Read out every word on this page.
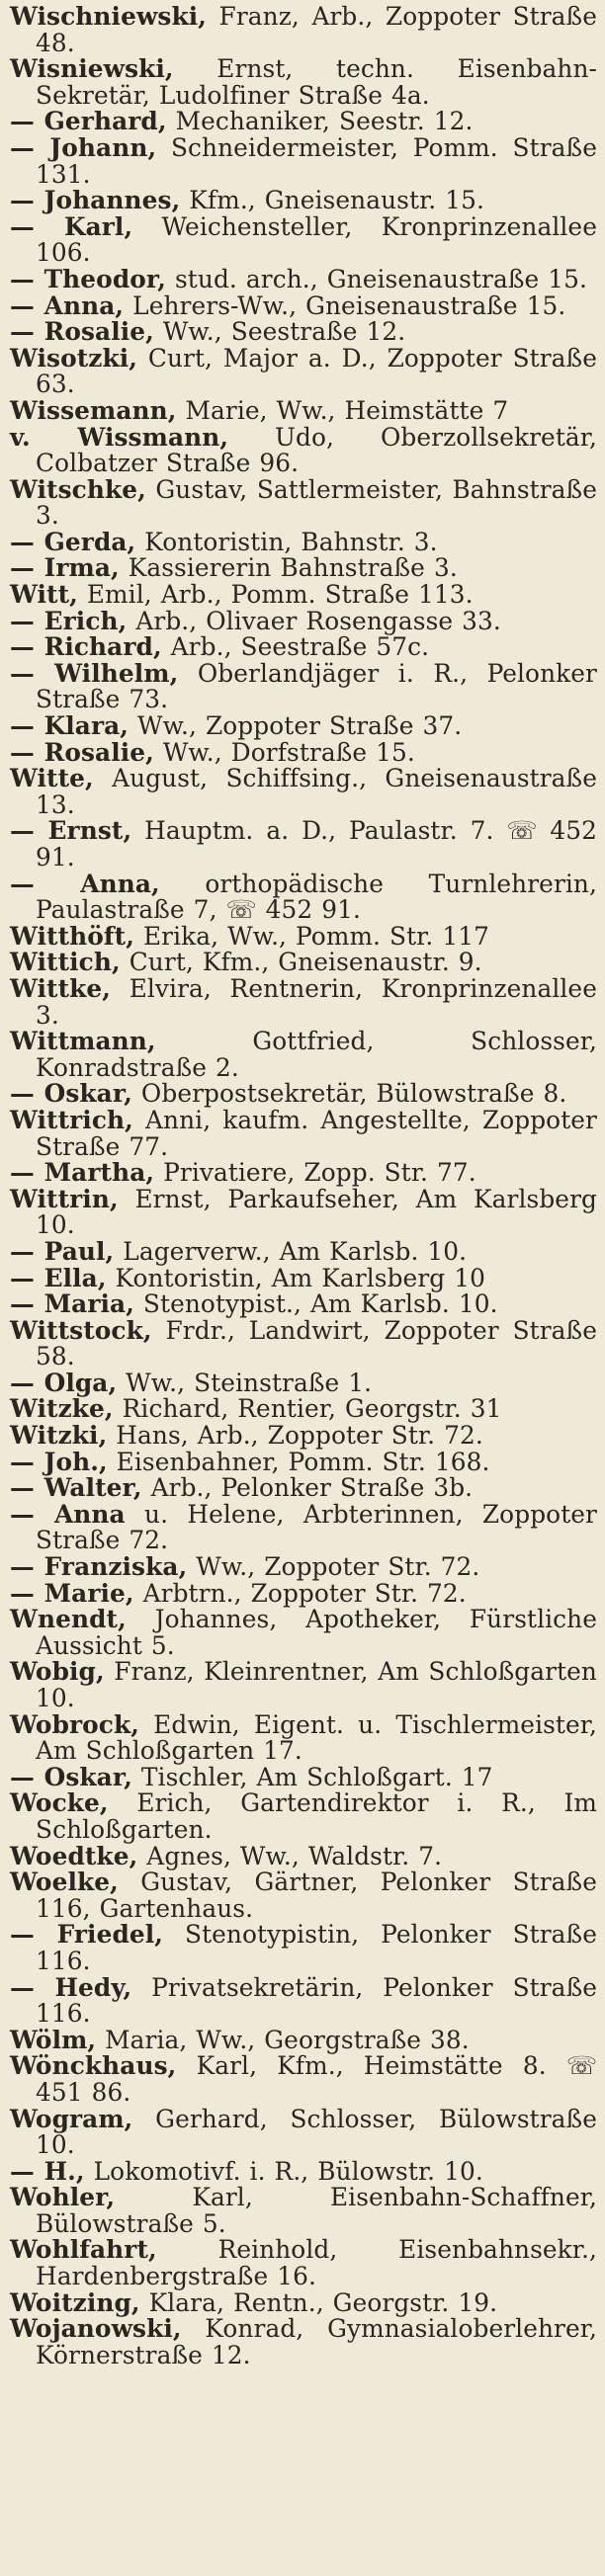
Wischniewski, Franz, Arb., Zoppoter Straße 48.
Wisniewski, Ernst, techn. Eisenbahn-Sekretär, Ludolfiner Straße 4a.
— Gerhard, Mechaniker, Seestr. 12.
— Johann, Schneidermeister, Pomm. Straße 131.
— Johannes, Kfm., Gneisenaustr. 15.
— Karl, Weichensteller, Kronprinzenallee 106.
— Theodor, stud. arch., Gneisenaustraße 15.
— Anna, Lehrers-Ww., Gneisenaustraße 15.
— Rosalie, Ww., Seestraße 12.
Wisotzki, Curt, Major a. D., Zoppoter Straße 63.
Wissemann, Marie, Ww., Heimstätte 7
v. Wissmann, Udo, Oberzollsekretär, Colbatzer Straße 96.
Witschke, Gustav, Sattlermeister, Bahnstraße 3.
— Gerda, Kontoristin, Bahnstr. 3.
— Irma, Kassiererin Bahnstraße 3.
Witt, Emil, Arb., Pomm. Straße 113.
— Erich, Arb., Olivaer Rosengasse 33.
— Richard, Arb., Seestraße 57c.
— Wilhelm, Oberlandjäger i. R., Pelonker Straße 73.
— Klara, Ww., Zoppoter Straße 37.
— Rosalie, Ww., Dorfstraße 15.
Witte, August, Schiffsing., Gneisenaustraße 13.
— Ernst, Hauptm. a. D., Paulastr. 7. ☏ 452 91.
— Anna, orthopädische Turnlehrerin, Paulastraße 7, ☏ 452 91.
Witthöft, Erika, Ww., Pomm. Str. 117
Wittich, Curt, Kfm., Gneisenaustr. 9.
Wittke, Elvira, Rentnerin, Kronprinzenallee 3.
Wittmann, Gottfried, Schlosser, Konradstraße 2.
— Oskar, Oberpostsekretär, Bülowstraße 8.
Wittrich, Anni, kaufm. Angestellte, Zoppoter Straße 77.
— Martha, Privatiere, Zopp. Str. 77.
Wittrin, Ernst, Parkaufseher, Am Karlsberg 10.
— Paul, Lagerverw., Am Karlsb. 10.
— Ella, Kontoristin, Am Karlsberg 10
— Maria, Stenotypist., Am Karlsb. 10.
Wittstock, Frdr., Landwirt, Zoppoter Straße 58.
— Olga, Ww., Steinstraße 1.
Witzke, Richard, Rentier, Georgstr. 31
Witzki, Hans, Arb., Zoppoter Str. 72.
— Joh., Eisenbahner, Pomm. Str. 168.
— Walter, Arb., Pelonker Straße 3b.
— Anna u. Helene, Arbterinnen, Zoppoter Straße 72.
— Franziska, Ww., Zoppoter Str. 72.
— Marie, Arbtrn., Zoppoter Str. 72.
Wnendt, Johannes, Apotheker, Fürstliche Aussicht 5.
Wobig, Franz, Kleinrentner, Am Schloßgarten 10.
Wobrock, Edwin, Eigent. u. Tischlermeister, Am Schloßgarten 17.
— Oskar, Tischler, Am Schloßgart. 17
Wocke, Erich, Gartendirektor i. R., Im Schloßgarten.
Woedtke, Agnes, Ww., Waldstr. 7.
Woelke, Gustav, Gärtner, Pelonker Straße 116, Gartenhaus.
— Friedel, Stenotypistin, Pelonker Straße 116.
— Hedy, Privatsekretärin, Pelonker Straße 116.
Wölm, Maria, Ww., Georgstraße 38.
Wönckhaus, Karl, Kfm., Heimstätte 8. ☏ 451 86.
Wogram, Gerhard, Schlosser, Bülowstraße 10.
— H., Lokomotivf. i. R., Bülowstr. 10.
Wohler, Karl, Eisenbahn-Schaffner, Bülowstraße 5.
Wohlfahrt, Reinhold, Eisenbahnsekr., Hardenbergstraße 16.
Woitzing, Klara, Rentn., Georgstr. 19.
Wojanowski, Konrad, Gymnasialoberlehrer, Körnerstraße 12.
